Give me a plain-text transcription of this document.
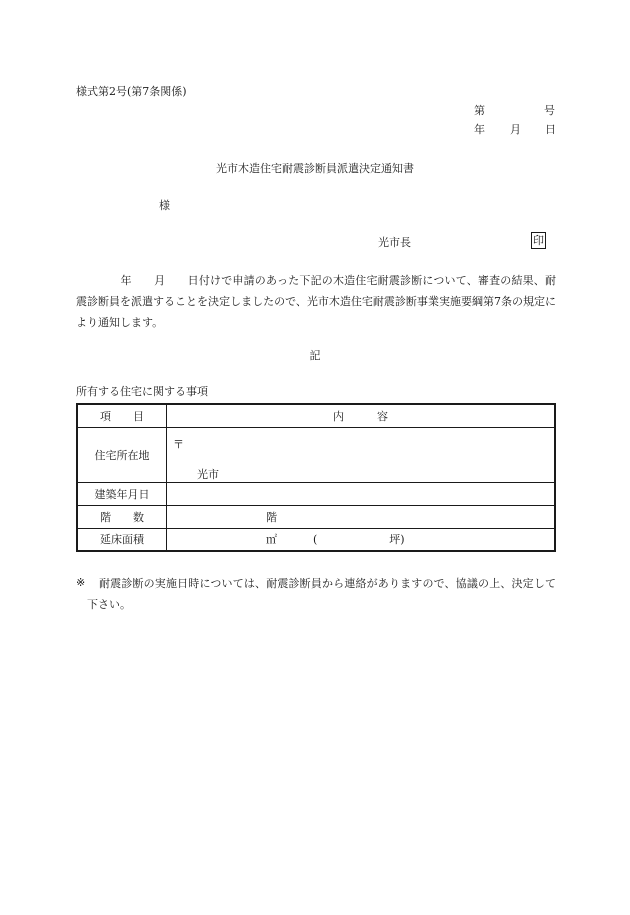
様式第2号(第7条関係)
第	号
年 月 日
光市木造住宅耐震診断員派遣決定通知書
様
光市長	印
　　　年　　月　　日付けで申請のあった下記の木造住宅耐震診断について、審査の結果、耐震診断員を派遣することを決定しましたので、光市木造住宅耐震診断事業実施要綱第7条の規定により通知します。
記
所有する住宅に関する事項
項　　目	内　　　容
住宅所在地	〒
光市

建築年月日	
階　　数	階
延床面積	㎡ ( 坪)
※	耐震診断の実施日時については、耐震診断員から連絡がありますので、協議の上、決定して下さい。
